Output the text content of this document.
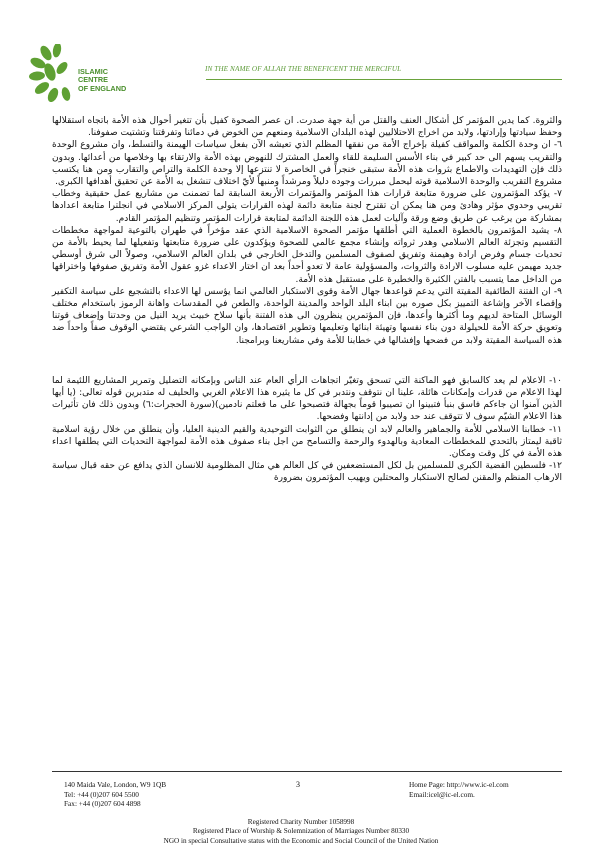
ISLAMIC
CENTRE
OF ENGLAND
IN THE NAME OF ALLAH THE BENEFICENT THE MERCIFUL

والثروة. كما يدين المؤتمر كل أشكال العنف والقتل من أية جهة صدرت. ان عصر الصحوة كفيل بأن تتغير أحوال هذه الأمة باتجاه استقلالها وحفظ سيادتها وإرادتها، ولابد من اخراج الاحتلاليين لهذه البلدان الاسلامية ومنعهم من الخوض في دمائنا وتفرقتنا وتشتيت صفوفنا.

٦- ان وحدة الكلمة والمواقف كفيلة بإخراج الأمة من نفقها المظلم الذي تعيشه الآن بفعل سياسات الهيمنة والتسلط، وان مشروع الوحدة والتقريب يسهم الى حد كبير في بناء الأسس السليمة للقاء والعمل المشترك للنهوض بهذه الأمة والارتقاء بها وخلاصها من أعدائها. وبدون ذلك فإن التهديدات والاطماع بثروات هذه الأمة ستبقى خنجراً في الخاصرة لا تنتزعها إلا وحدة الكلمة والتراص والتقارب ومن هنا يكتسب مشروع التقريب والوحدة الاسلامية قوته ليحمل مبررات وجوده دليلاً ومرشداً ومنبهاً لأيّ اختلاف تنشغل به الأمة عن تحقيق أهدافها الكبرى.

٧- يؤكد المؤتمرون على ضرورة متابعة قرارات هذا المؤتمر والمؤتمرات الأربعة السابقة لما تضمنت من مشاريع عمل حقيقية وخطاب تقريبي وحدوي مؤثر وهادئ ومن هنا يمكن ان تقترح لجنة متابعة دائمة لهذه القرارات يتولى المركز الاسلامي في انجلترا متابعة اعدادها بمشاركة من يرغب عن طريق وضع ورقة وآليات لعمل هذه اللجنة الدائمة لمتابعة قرارات المؤتمر وتنظيم المؤتمر القادم.

٨- يشيد المؤتمرون بالخطوة العملية التي أطلقها مؤتمر الصحوة الاسلامية الذي عقد مؤخراً في طهران بالتوعية لمواجهة مخططات التقسيم وتجزئة العالم الاسلامي وهدر ثرواته وإنشاء مجمع عالمي للصحوة ويؤكدون على ضرورة متابعتها وتفعيلها لما يحيط بالأمة من تحديات جسام وفرض ارادة وهيمنة وتفريق لصفوف المسلمين والتدخل الخارجي في بلدان العالم الاسلامي، وصولاً الى شرق أوسطي جديد مهيمن عليه مسلوب الارادة والثروات، والمسؤولية عامة لا تعدو أحداً بعد ان اختار الاعداء غزو عقول الأمة وتفريق صفوفها واختراقها من الداخل مما يتسبب بالفتن الكثيرة والخطيرة على مستقبل هذه الأمة.

٩- ان الفتنة الطائفية المقيتة التي يدعم قواعدها جهال الأمة وقوى الاستكبار العالمي انما يؤسس لها الاعداء بالتشجيع على سياسة التكفير وإقصاء الآخر وإشاعة التمييز بكل صوره بين ابناء البلد الواحد والمدينة الواحدة، والطعن في المقدسات واهانة الرموز باستخدام مختلف الوسائل المتاحة لديهم وما أكثرها وأعدها، فإن المؤتمرين ينظرون الى هذه الفتنة بأنها سلاح خبيث يريد النيل من وحدتنا وإضعاف قوتنا وتعويق حركة الأمة للحيلولة دون بناء نفسها وتهيئة ابنائها وتعليمها وتطوير اقتصادها، وان الواجب الشرعي يقتضي الوقوف صفاً واحداً ضد هذه السياسة المقيتة ولابد من فضحها وإفشالها في خطابنا للأمة وفي مشاريعنا وبرامجنا.

١٠- الاعلام لم يعد كالسابق فهو الماكنة التي تسحق وتغيّر اتجاهات الرأي العام عند الناس وبإمكانه التضليل وتمرير المشاريع اللئيمة لما لهذا الاعلام من قدرات وإمكانات هائلة، علينا ان نتوقف ونتدبر في كل ما يثيره هذا الاعلام الغربي والحليف له متدبرين قوله تعالى: (يا أيها الذين آمنوا ان جاءكم فاسق بنبأ فتبينوا ان تصيبوا قوماً بجهالة فتصبحوا على ما فعلتم نادمين)(سورة الحجرات:٦) وبدون ذلك فان تأثيرات هذا الاعلام الشيّم سوف لا تتوقف عند حد ولابد من إدانتها وفضحها.

١١- خطابنا الاسلامي للأمة والجماهير والعالم لابد ان ينطلق من الثوابت التوحيدية والقيم الدينية العليا، وأن ينطلق من خلال رؤية اسلامية ثاقبة ليمتاز بالتحدي للمخططات المعادية وبالهدوء والرحمة والتسامح من اجل بناء صفوف هذه الأمة لمواجهة التحديات التي يطلقها اعداء هذه الأمة في كل وقت ومكان.

١٢- فلسطين القضية الكبرى للمسلمين بل لكل المستضعفين في كل العالم هي مثال المظلومية للانسان الذي يدافع عن حقه قبال سياسة الارهاب المنظم والمقنن لصالح الاستكبار والمحتلين ويهيب المؤتمرون بضرورة

140 Maida Vale, London, W9 1QB
Tel: +44 (0)207 604 5500
Fax: +44 (0)207 604 4898
3	Home Page: http://www.ic-el.com
Email:icel@ic-el.com.
Registered Charity Number 1058998
Registered Place of Worship & Solemnization of Marriages Number 80330
NGO in special Consultative status with the Economic and Social Council of the United Nation
